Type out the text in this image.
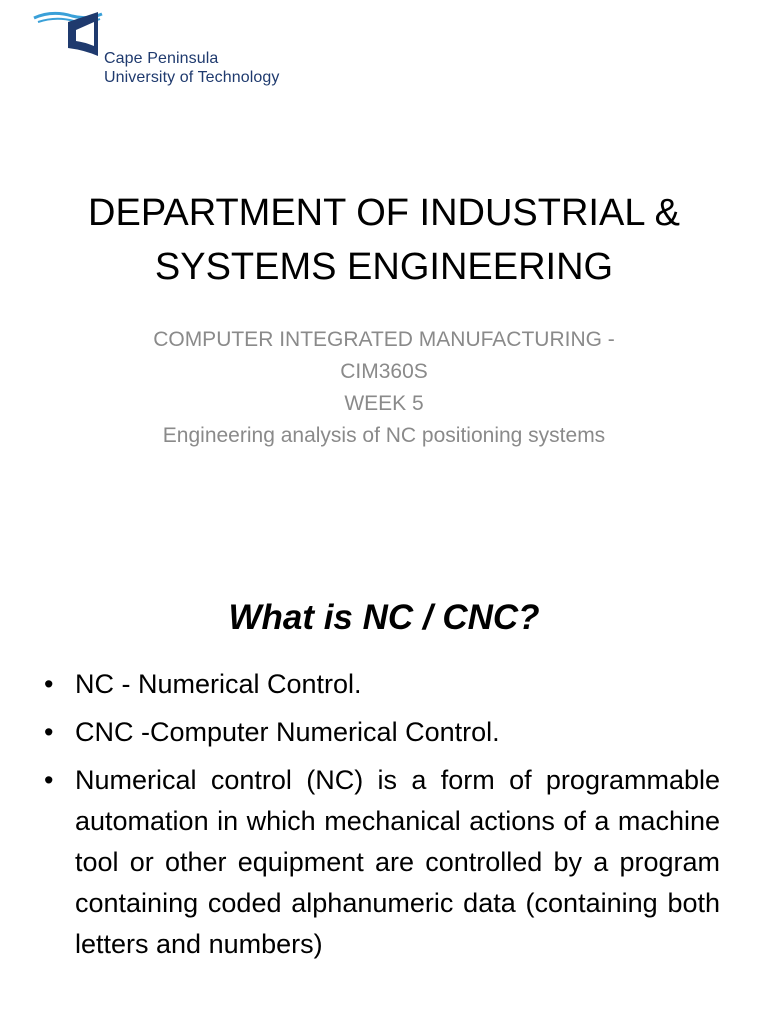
Cape Peninsula
University of Technology
DEPARTMENT OF INDUSTRIAL &
SYSTEMS ENGINEERING
COMPUTER INTEGRATED MANUFACTURING -
CIM360S
WEEK 5
Engineering analysis of NC positioning systems
What is NC / CNC?
• NC - Numerical Control.
• CNC -Computer Numerical Control.
• Numerical control (NC) is a form of programmable automation in which mechanical actions of a machine tool or other equipment are controlled by a program containing coded alphanumeric data (containing both letters and numbers)
